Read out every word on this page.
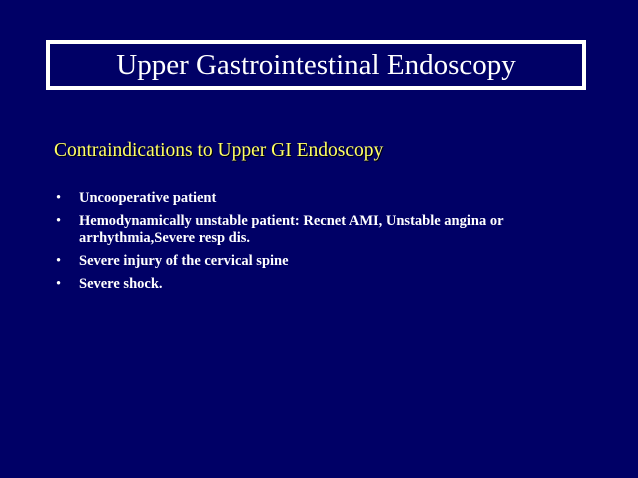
Upper Gastrointestinal Endoscopy
Contraindications to Upper GI Endoscopy
• Uncooperative patient
• Hemodynamically unstable patient: Recnet AMI, Unstable angina or arrhythmia,Severe resp dis.
• Severe injury of the cervical spine
• Severe shock.
